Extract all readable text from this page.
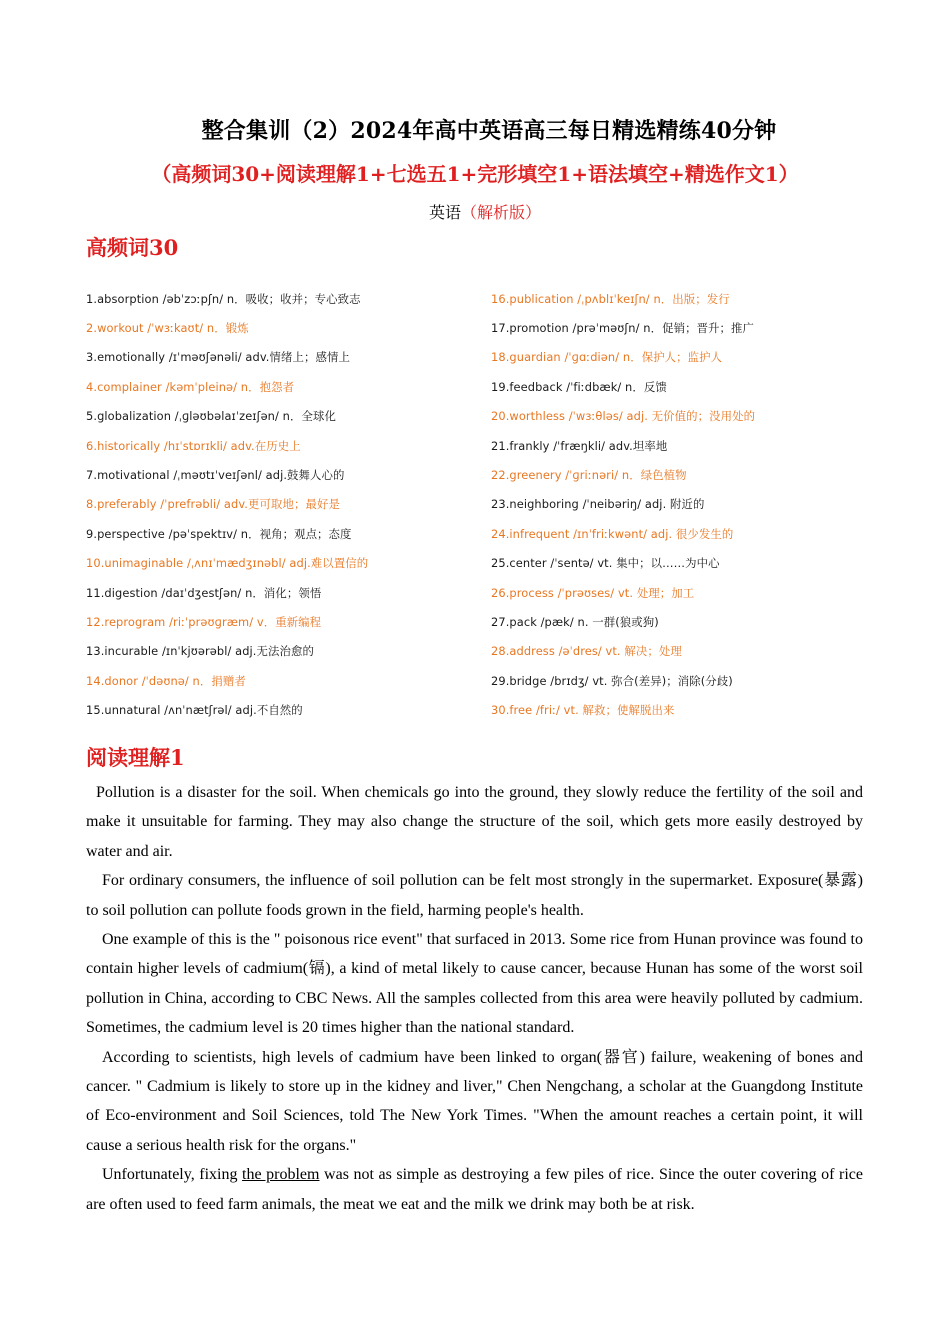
整合集训（2）2024年高中英语高三每日精选精练40分钟
（高频词30+阅读理解1+七选五1+完形填空1+语法填空+精选作文1）
英语（解析版）
高频词30
1.absorption /əbˈzɔːpʃn/ n．吸收；收并；专心致志	16.publication /ˌpʌblɪˈkeɪʃn/ n．出版；发行
2.workout /ˈwɜːkaʊt/ n．锻炼	17.promotion /prəˈməʊʃn/ n．促销；晋升；推广
3.emotionally /ɪˈməʊʃənəli/ adv.情绪上；感情上	18.guardian /ˈɡɑːdiən/ n．保护人；监护人
4.complainer /kəmˈpleinə/ n．抱怨者	19.feedback /ˈfiːdbæk/ n．反馈
5.globalization /ˌɡləʊbəlaɪˈzeɪʃən/ n．全球化	20.worthless /ˈwɜːθləs/ adj. 无价值的；没用处的
6.historically /hɪˈstɒrɪkli/ adv.在历史上	21.frankly /ˈfræŋkli/ adv.坦率地
7.motivational /ˌməʊtɪˈveɪʃənl/ adj.鼓舞人心的	22.greenery /ˈɡriːnəri/ n．绿色植物
8.preferably /ˈprefrəbli/ adv.更可取地；最好是	23.neighboring /ˈneibəriŋ/ adj. 附近的
9.perspective /pəˈspektɪv/ n．视角；观点；态度	24.infrequent /ɪnˈfriːkwənt/ adj. 很少发生的
10.unimaginable /ˌʌnɪˈmædʒɪnəbl/ adj.难以置信的	25.center /ˈsentə/ vt. 集中；以……为中心
11.digestion /daɪˈdʒestʃən/ n．消化；领悟	26.process /ˈprəʊses/ vt. 处理；加工
12.reprogram /riːˈprəʊɡræm/ v．重新编程	27.pack /pæk/ n. 一群(狼或狗)
13.incurable /ɪnˈkjʊərəbl/ adj.无法治愈的	28.address /əˈdres/ vt. 解决；处理
14.donor /ˈdəʊnə/ n．捐赠者	29.bridge /brɪdʒ/ vt. 弥合(差异)；消除(分歧)
15.unnatural /ʌnˈnætʃrəl/ adj.不自然的	30.free /friː/ vt. 解救；使解脱出来
阅读理解1

Pollution is a disaster for the soil. When chemicals go into the ground, they slowly reduce the fertility of the soil and make it unsuitable for farming. They may also change the structure of the soil, which gets more easily destroyed by water and air.

For ordinary consumers, the influence of soil pollution can be felt most strongly in the supermarket. Exposure(暴露) to soil pollution can pollute foods grown in the field, harming people's health.

One example of this is the " poisonous rice event" that surfaced in 2013. Some rice from Hunan province was found to contain higher levels of cadmium(镉), a kind of metal likely to cause cancer, because Hunan has some of the worst soil pollution in China, according to CBC News. All the samples collected from this area were heavily polluted by cadmium. Sometimes, the cadmium level is 20 times higher than the national standard.

According to scientists, high levels of cadmium have been linked to organ(器官) failure, weakening of bones and cancer. " Cadmium is likely to store up in the kidney and liver," Chen Nengchang, a scholar at the Guangdong Institute of Eco-environment and Soil Sciences, told The New York Times. "When the amount reaches a certain point, it will cause a serious health risk for the organs."

Unfortunately, fixing the problem was not as simple as destroying a few piles of rice. Since the outer covering of rice are often used to feed farm animals, the meat we eat and the milk we drink may both be at risk.
